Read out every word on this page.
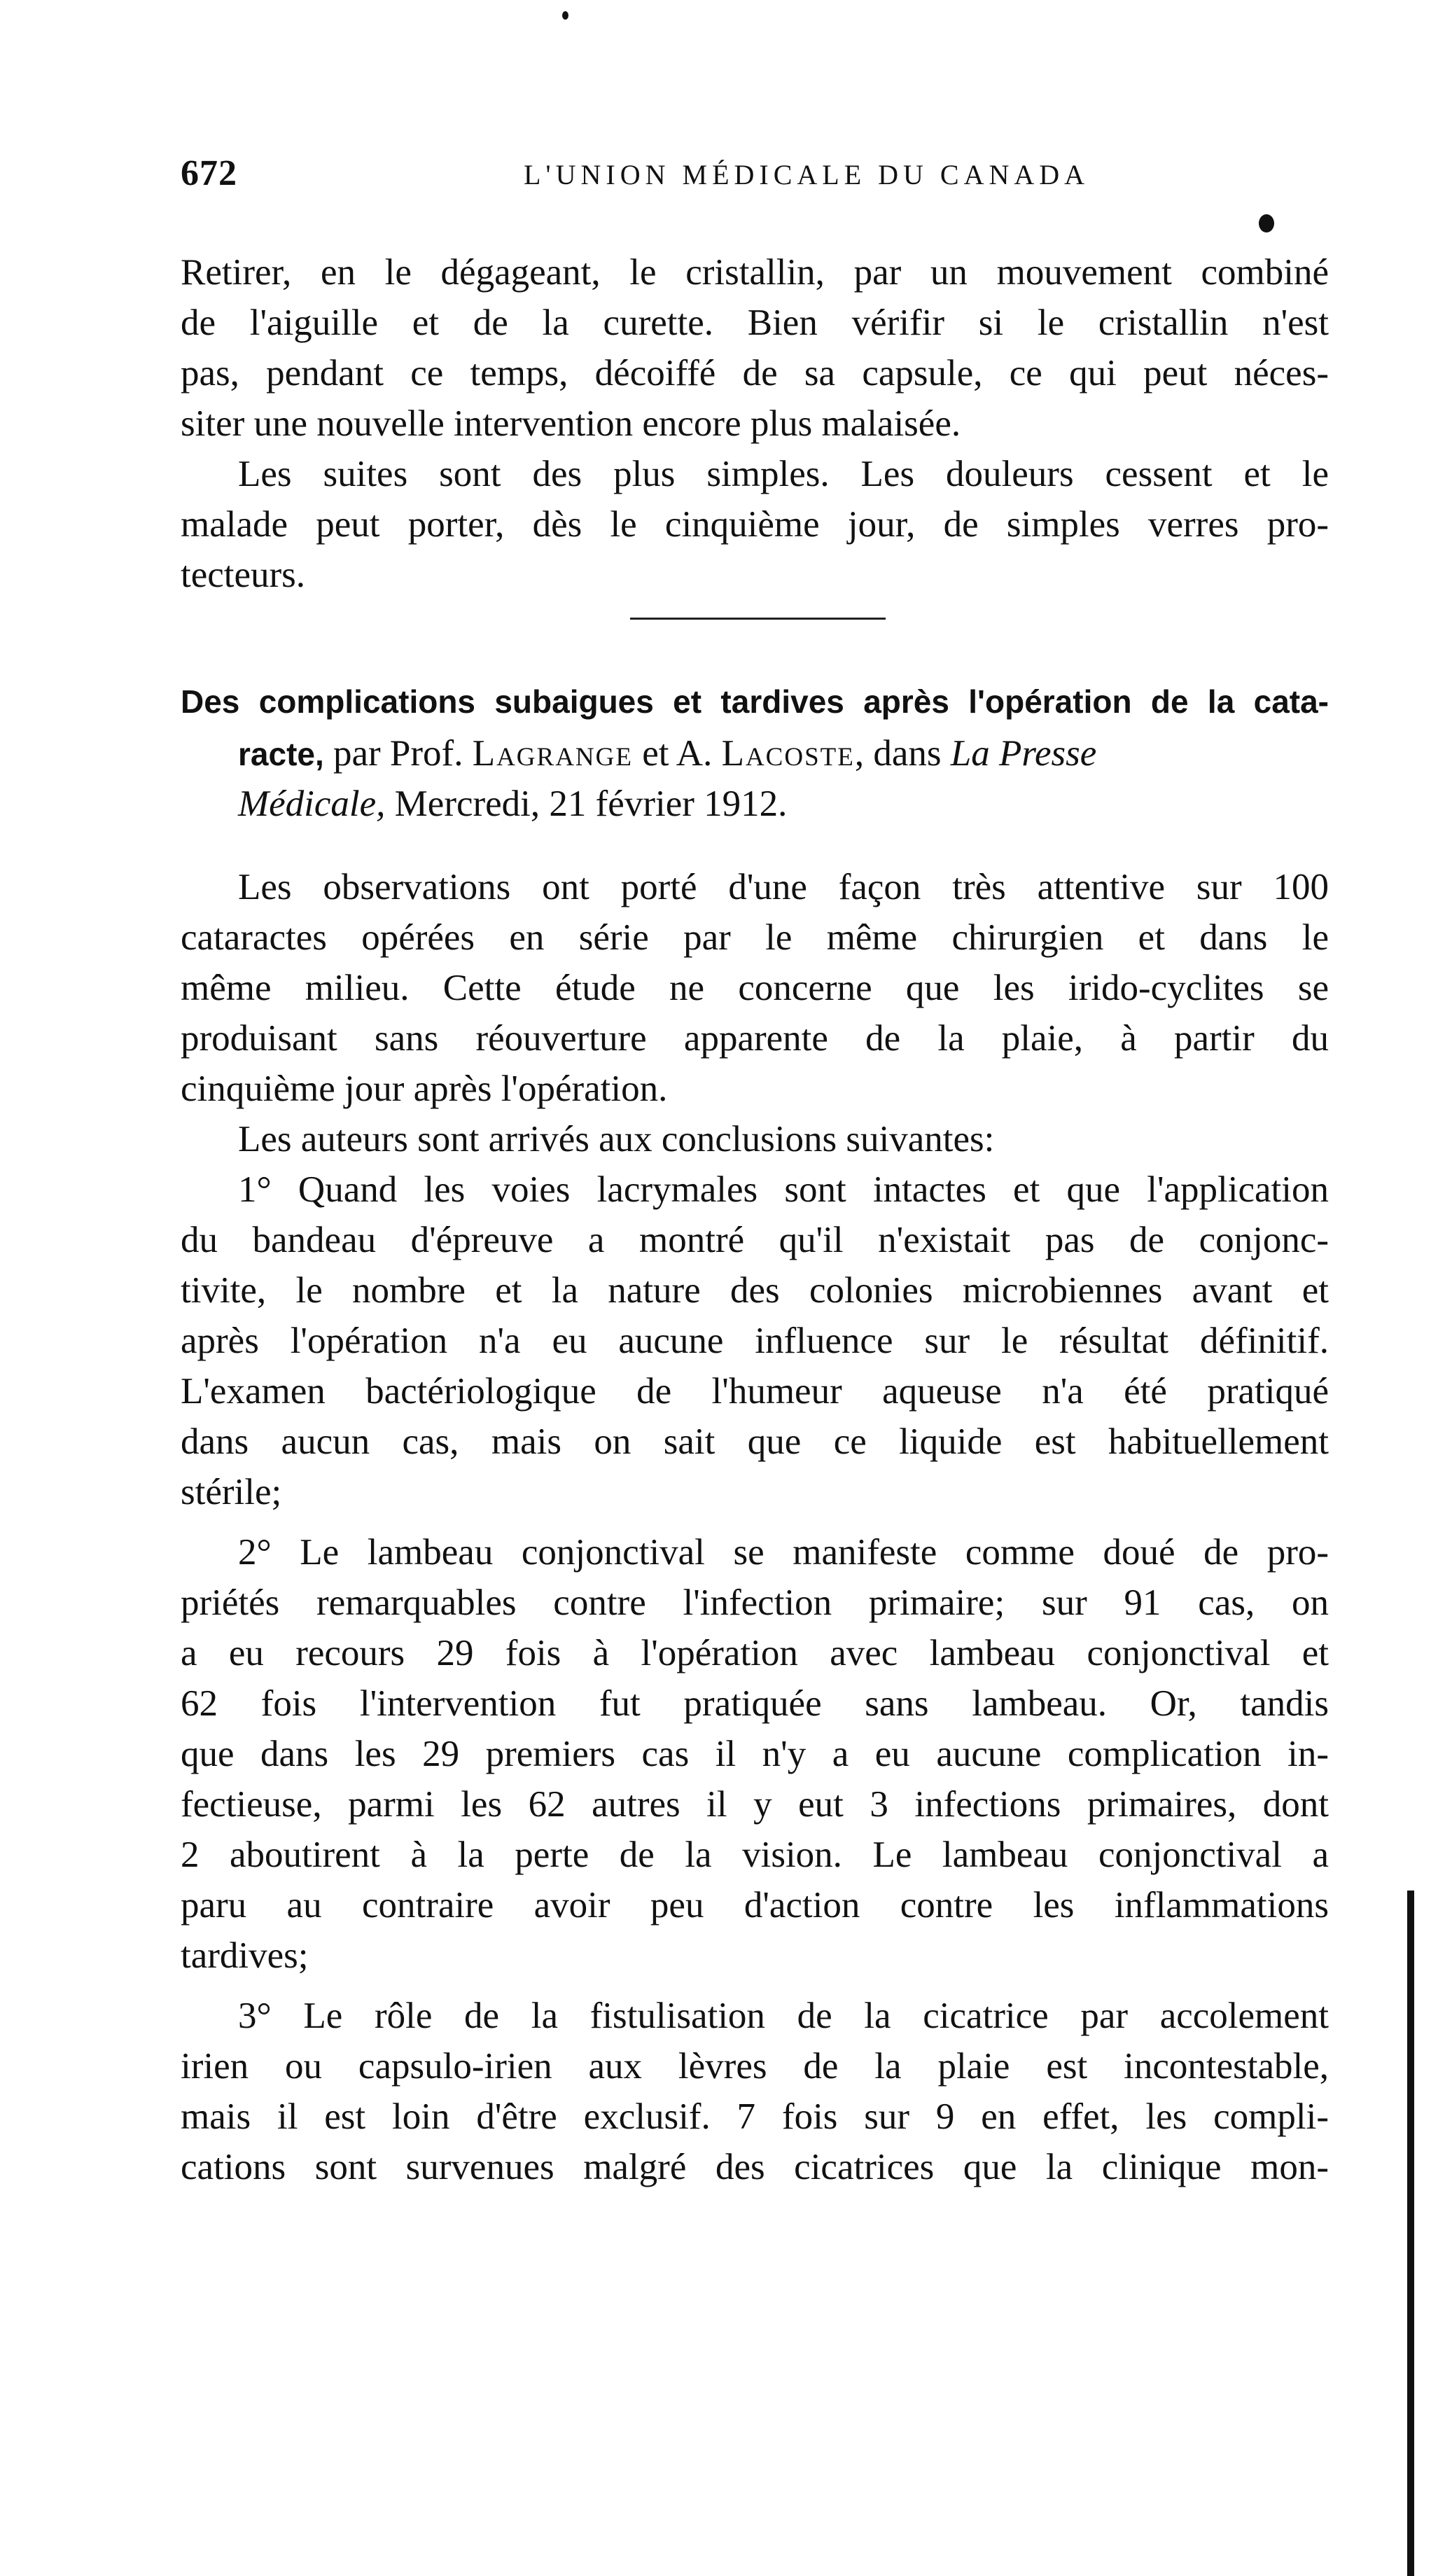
672	L'UNION MÉDICALE DU CANADA
Retirer, en le dégageant, le cristallin, par un mouvement combiné
de l'aiguille et de la curette. Bien vérifir si le cristallin n'est
pas, pendant ce temps, décoiffé de sa capsule, ce qui peut néces-
siter une nouvelle intervention encore plus malaisée.
Les suites sont des plus simples. Les douleurs cessent et le
malade peut porter, dès le cinquième jour, de simples verres pro-
tecteurs.
Des complications subaigues et tardives après l'opération de la cata-
racte, par Prof. Lagrange et A. Lacoste, dans La Presse
Médicale, Mercredi, 21 février 1912.
Les observations ont porté d'une façon très attentive sur 100
cataractes opérées en série par le même chirurgien et dans le
même milieu. Cette étude ne concerne que les irido-cyclites se
produisant sans réouverture apparente de la plaie, à partir du
cinquième jour après l'opération.
Les auteurs sont arrivés aux conclusions suivantes:
1° Quand les voies lacrymales sont intactes et que l'application
du bandeau d'épreuve a montré qu'il n'existait pas de conjonc-
tivite, le nombre et la nature des colonies microbiennes avant et
après l'opération n'a eu aucune influence sur le résultat définitif.
L'examen bactériologique de l'humeur aqueuse n'a été pratiqué
dans aucun cas, mais on sait que ce liquide est habituellement
stérile;
2° Le lambeau conjonctival se manifeste comme doué de pro-
priétés remarquables contre l'infection primaire; sur 91 cas, on
a eu recours 29 fois à l'opération avec lambeau conjonctival et
62 fois l'intervention fut pratiquée sans lambeau. Or, tandis
que dans les 29 premiers cas il n'y a eu aucune complication in-
fectieuse, parmi les 62 autres il y eut 3 infections primaires, dont
2 aboutirent à la perte de la vision. Le lambeau conjonctival a
paru au contraire avoir peu d'action contre les inflammations
tardives;
3° Le rôle de la fistulisation de la cicatrice par accolement
irien ou capsulo-irien aux lèvres de la plaie est incontestable,
mais il est loin d'être exclusif. 7 fois sur 9 en effet, les compli-
cations sont survenues malgré des cicatrices que la clinique mon-
